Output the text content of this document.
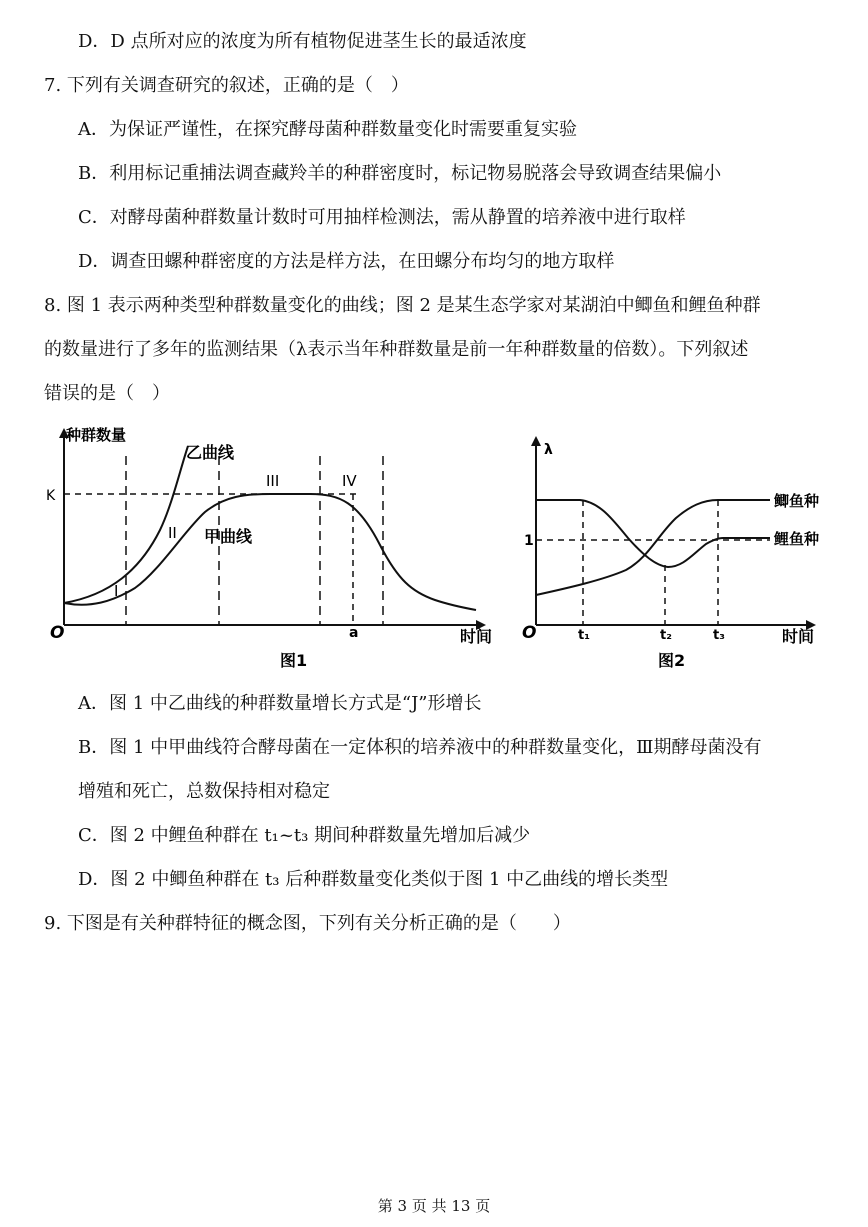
D．D 点所对应的浓度为所有植物促进茎生长的最适浓度
7. 下列有关调查研究的叙述，正确的是（　）
A．为保证严谨性，在探究酵母菌种群数量变化时需要重复实验
B．利用标记重捕法调查藏羚羊的种群密度时，标记物易脱落会导致调查结果偏小
C．对酵母菌种群数量计数时可用抽样检测法，需从静置的培养液中进行取样
D．调查田螺种群密度的方法是样方法，在田螺分布均匀的地方取样
8. 图 1 表示两种类型种群数量变化的曲线；图 2 是某生态学家对某湖泊中鲫鱼和鲤鱼种群
的数量进行了多年的监测结果（λ表示当年种群数量是前一年种群数量的倍数）。下列叙述
错误的是（　）
种群数量
K
O	时间
乙曲线
甲曲线
I
II
III	IV
a
图1
λ
1
O	时间
t₁	t₂	t₃
鲫鱼种
鲤鱼种
图2
A．图 1 中乙曲线的种群数量增长方式是“J”形增长
B．图 1 中甲曲线符合酵母菌在一定体积的培养液中的种群数量变化，Ⅲ期酵母菌没有
增殖和死亡，总数保持相对稳定
C．图 2 中鲤鱼种群在 t₁~t₃ 期间种群数量先增加后减少
D．图 2 中鲫鱼种群在 t₃ 后种群数量变化类似于图 1 中乙曲线的增长类型
9. 下图是有关种群特征的概念图，下列有关分析正确的是（　　）
第 3 页 共 13 页
